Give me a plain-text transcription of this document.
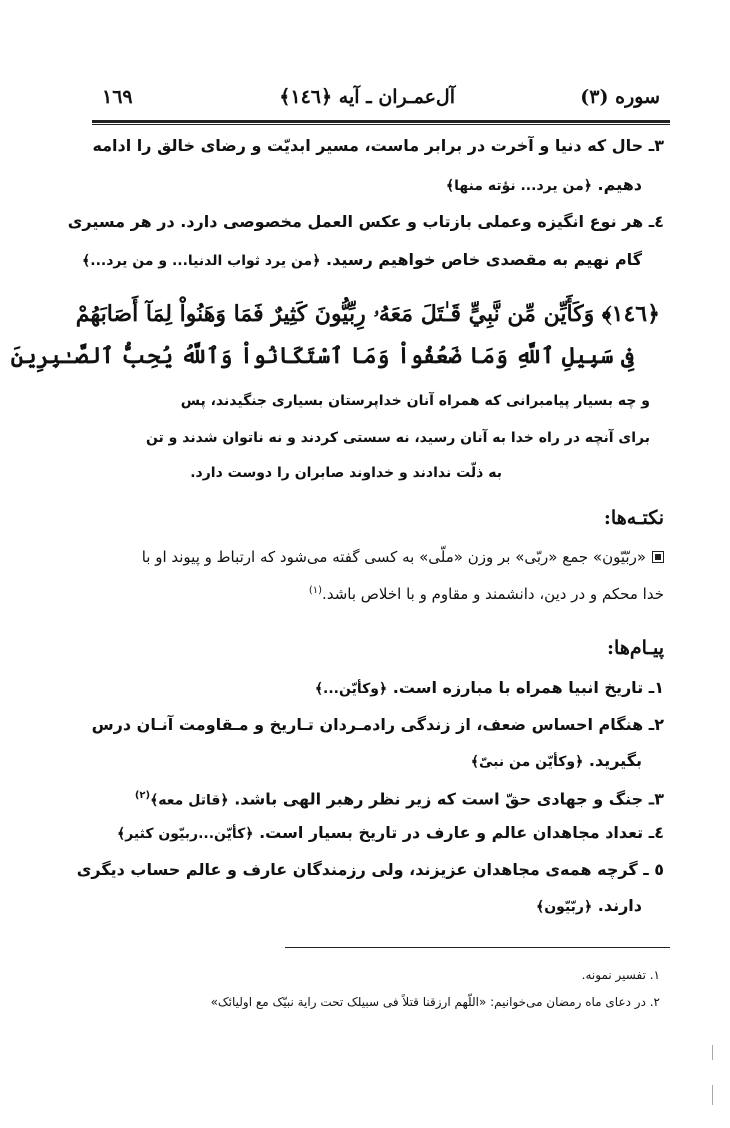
سوره (٣)
آل‌عمـران ـ آیه ﴿١٤٦﴾
١٦٩
٣ـ حال که دنیا و آخرت در برابر ماست، مسیر ابدیّت و رضای خالق را ادامه
دهیم. ﴿من یرد... نؤته منها﴾
٤ـ هر نوع انگیزه وعملی بازتاب و عکس العمل مخصوصی دارد. در هر مسیری
گام نهیم به مقصدی خاص خواهیم رسید. ﴿من یرد ثواب الدنیا... و من یرد...﴾
﴿١٤٦﴾ وَكَأَيِّن مِّن نَّبِيٍّ قَـٰتَلَ مَعَهُۥ رِبِّيُّونَ كَثِيرٌ فَمَا وَهَنُواْ لِمَآ أَصَابَهُمْ
فِى سَبِيلِ ٱللَّهِ وَمَا ضَعُفُواْ وَمَا ٱسْتَكَانُواْ وَٱللَّهُ يُحِبُّ ٱلصَّـٰبِرِينَ
و چه بسیار پیامبرانی که همراه آنان خداپرستان بسیاری جنگیدند، پس
برای آنچه در راه خدا به آنان رسید، نه سستی کردند و نه ناتوان شدند و تن
به ذلّت ندادند و خداوند صابران را دوست دارد.
نکتـه‌ها:
«ربّیّون» جمع «ربّی» بر وزن «ملّی» به کسی گفته می‌شود که ارتباط و پیوند او با
خدا محکم و در دین، دانشمند و مقاوم و با اخلاص باشد.$^{(١)}$
پیـام‌ها:
١ـ تاریخ انبیا همراه با مبارزه است. ﴿وکأیّن...﴾
٢ـ هنگام احساس ضعف، از زندگی رادمـردان تـاریخ و مـقاومت آنـان درس
بگیرید. ﴿وکأیّن من نبیّ﴾
٣ـ جنگ و جهادی حقّ است که زیر نظر رهبر الهی باشد. ﴿قاتل معه﴾$^{(٢)}$
٤ـ تعداد مجاهدان عالم و عارف در تاریخ بسیار است. ﴿کأیّن...ربیّون کثیر﴾
٥ ـ گرچه همه‌ی مجاهدان عزیزند، ولی رزمندگان عارف و عالم حساب دیگری
دارند. ﴿ربّیّون﴾
١. تفسیر نمونه.
٢. در دعای ماه رمضان می‌خوانیم: «اللّهم ارزقنا قتلاً فی سبیلک تحت رایة نبیّک مع اولیائک»
